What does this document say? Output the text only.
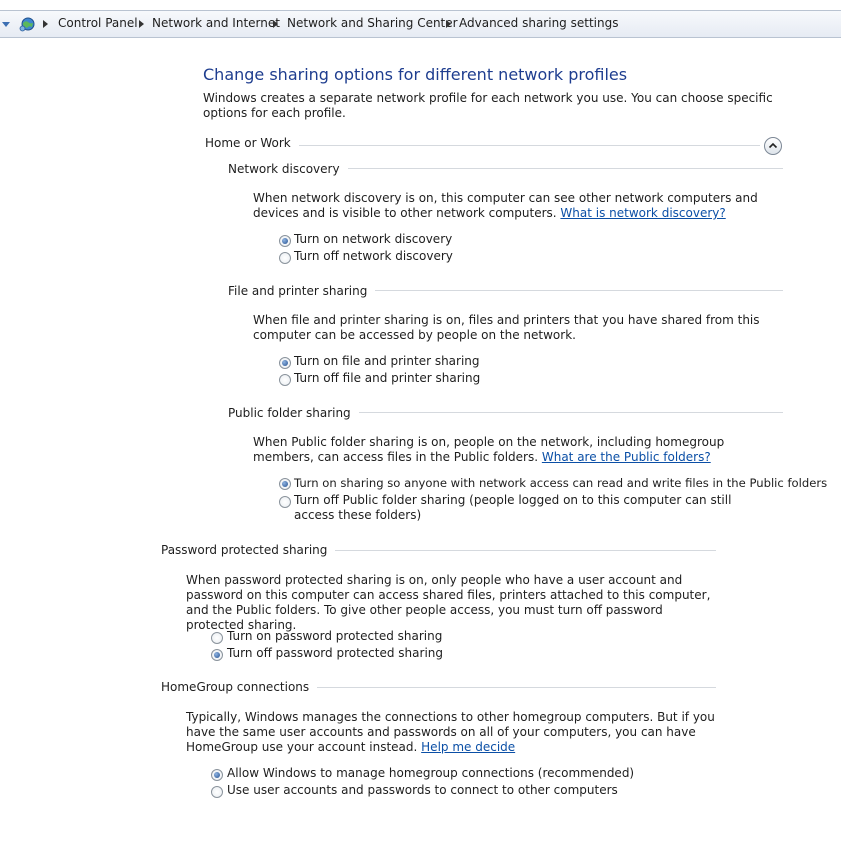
Control Panel Network and Internet Network and Sharing Center Advanced sharing settings
Change sharing options for different network profiles
Windows creates a separate network profile for each network you use. You can choose specific options for each profile.
Home or Work
Network discovery
When network discovery is on, this computer can see other network computers and devices and is visible to other network computers. What is network discovery?
Turn on network discovery
Turn off network discovery
File and printer sharing
When file and printer sharing is on, files and printers that you have shared from this computer can be accessed by people on the network.
Turn on file and printer sharing
Turn off file and printer sharing
Public folder sharing
When Public folder sharing is on, people on the network, including homegroup members, can access files in the Public folders. What are the Public folders?
Turn on sharing so anyone with network access can read and write files in the Public folders
Turn off Public folder sharing (people logged on to this computer can still access these folders)
Password protected sharing
When password protected sharing is on, only people who have a user account and password on this computer can access shared files, printers attached to this computer, and the Public folders. To give other people access, you must turn off password protected sharing.
Turn on password protected sharing
Turn off password protected sharing
HomeGroup connections
Typically, Windows manages the connections to other homegroup computers. But if you have the same user accounts and passwords on all of your computers, you can have HomeGroup use your account instead. Help me decide
Allow Windows to manage homegroup connections (recommended)
Use user accounts and passwords to connect to other computers
